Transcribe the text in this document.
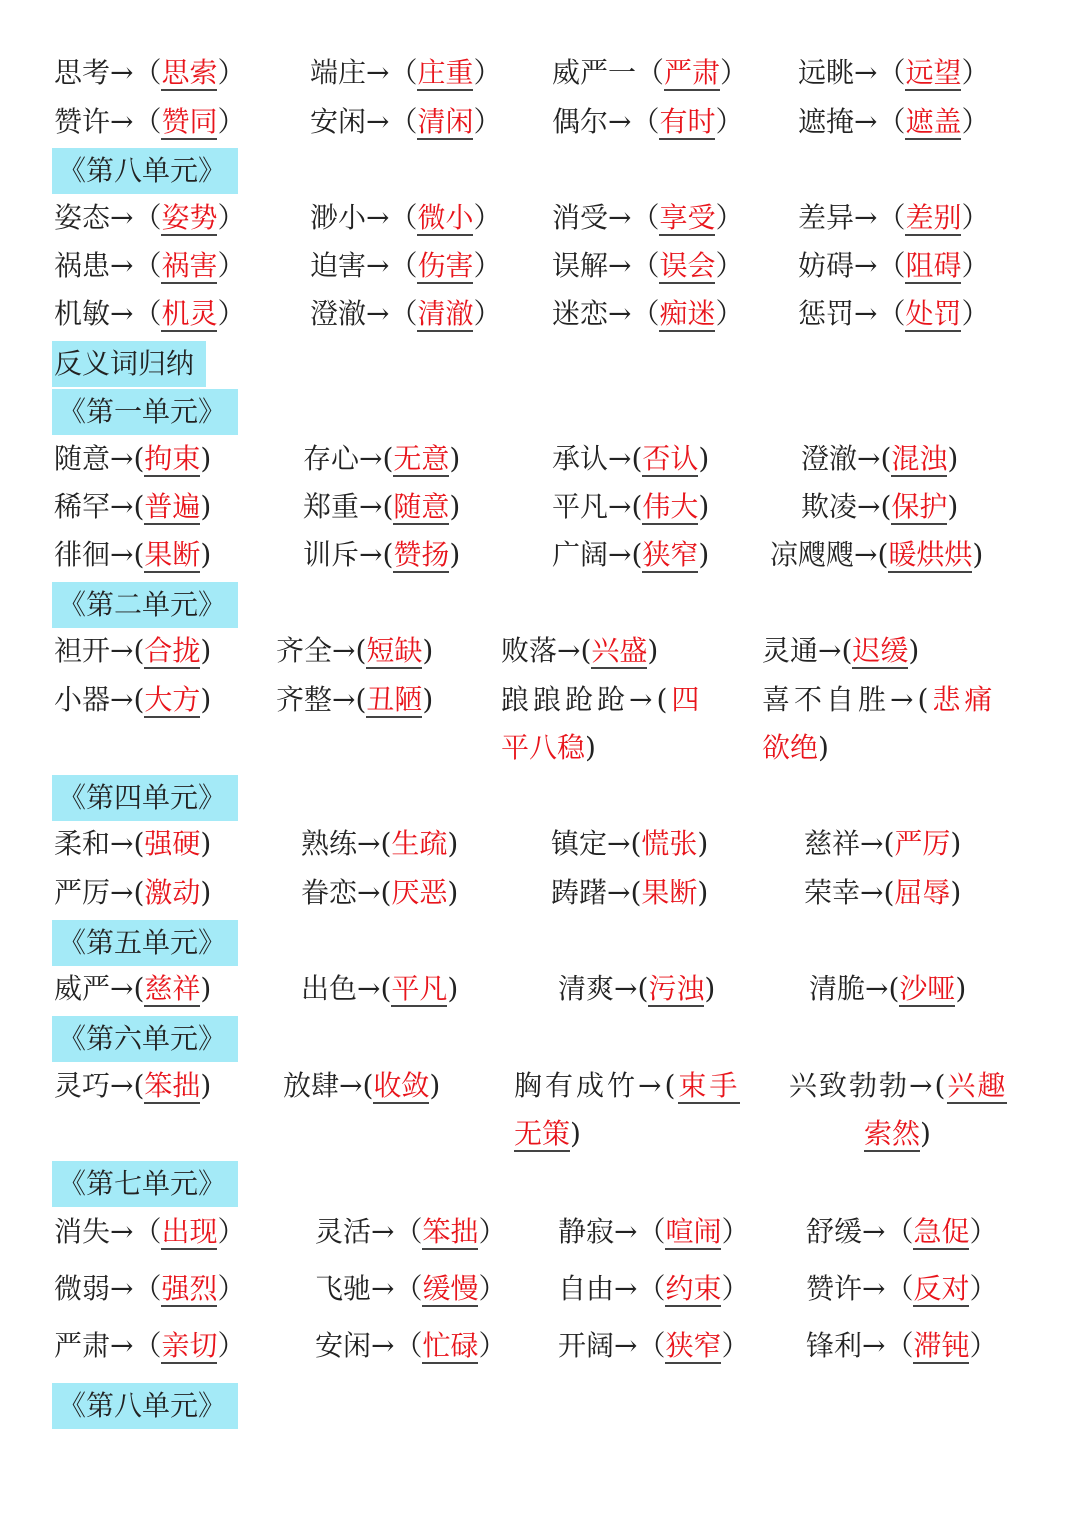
思考→（思索） 端庄→（庄重） 威严一（严肃） 远眺→（远望）
赞许→（赞同） 安闲→（清闲） 偶尔→（有时） 遮掩→（遮盖）
《第八单元》
姿态→（姿势） 渺小→（微小） 消受→（享受） 差异→（差别）
祸患→（祸害） 迫害→（伤害） 误解→（误会） 妨碍→（阻碍）
机敏→（机灵） 澄澈→（清澈） 迷恋→（痴迷） 惩罚→（处罚）
反义词归纳
《第一单元》
随意→(拘束)	存心→(无意)	承认→(否认)	澄澈→(混浊)
稀罕→(普遍)	郑重→(随意)	平凡→(伟大)	欺凌→(保护)
徘徊→(果断)	训斥→(赞扬)	广阔→(狭窄) 凉飕飕→(暖烘烘)
《第二单元》
袒开→(合拢) 齐全→(短缺) 败落→(兴盛)	灵通→(迟缓)
小器→(大方) 齐整→(丑陋) 踉踉跄跄→(四 喜不自胜→(悲痛
平八稳)	欲绝)
《第四单元》
柔和→(强硬)	熟练→(生疏)	镇定→(慌张)	慈祥→(严厉)
严厉→(激动)	眷恋→(厌恶)	踌躇→(果断)	荣幸→(屈辱)
《第五单元》
威严→(慈祥)	出色→(平凡)	清爽→(污浊)	清脆→(沙哑)
《第六单元》
灵巧→(笨拙)	放肆→(收敛)	胸有成竹→(束手 兴致勃勃→(兴趣
无策)	索然)
《第七单元》
消失→（出现） 灵活→（笨拙） 静寂→（喧闹） 舒缓→（急促）
微弱→（强烈） 飞驰→（缓慢） 自由→（约束） 赞许→（反对）
严肃→（亲切） 安闲→（忙碌） 开阔→（狭窄） 锋利→（滞钝）
《第八单元》
